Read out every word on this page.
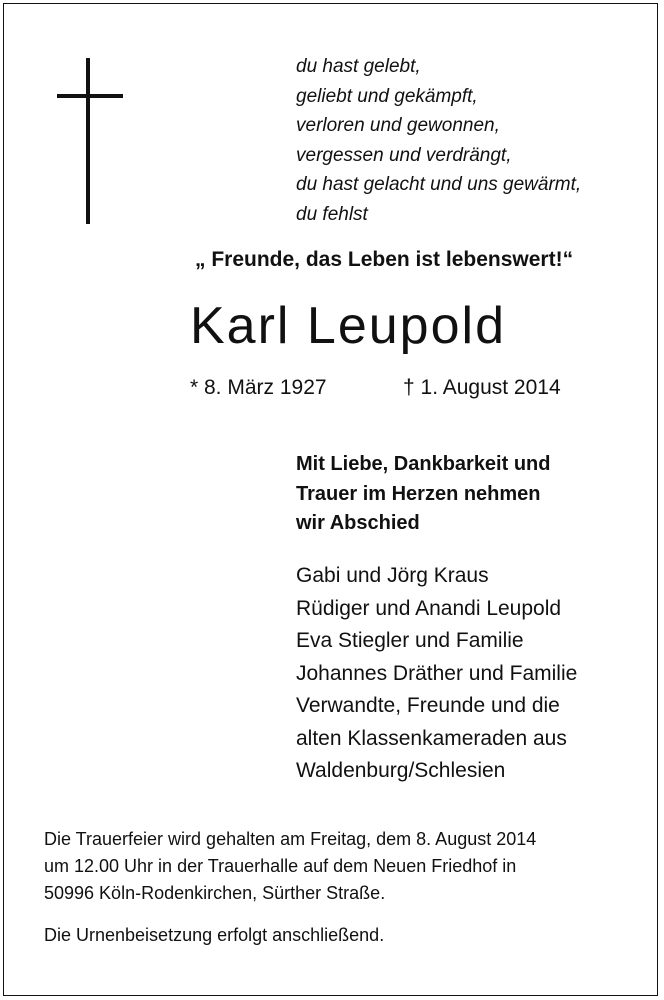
du hast gelebt,
geliebt und gekämpft,
verloren und gewonnen,
vergessen und verdrängt,
du hast gelacht und uns gewärmt,
du fehlst
„ Freunde, das Leben ist lebenswert!“
Karl Leupold
* 8. März 1927	† 1. August 2014
Mit Liebe, Dankbarkeit und
Trauer im Herzen nehmen
wir Abschied
Gabi und Jörg Kraus
Rüdiger und Anandi Leupold
Eva Stiegler und Familie
Johannes Dräther und Familie
Verwandte, Freunde und die
alten Klassenkameraden aus
Waldenburg/Schlesien
Die Trauerfeier wird gehalten am Freitag, dem 8. August 2014
um 12.00 Uhr in der Trauerhalle auf dem Neuen Friedhof in
50996 Köln-Rodenkirchen, Sürther Straße.
Die Urnenbeisetzung erfolgt anschließend.
